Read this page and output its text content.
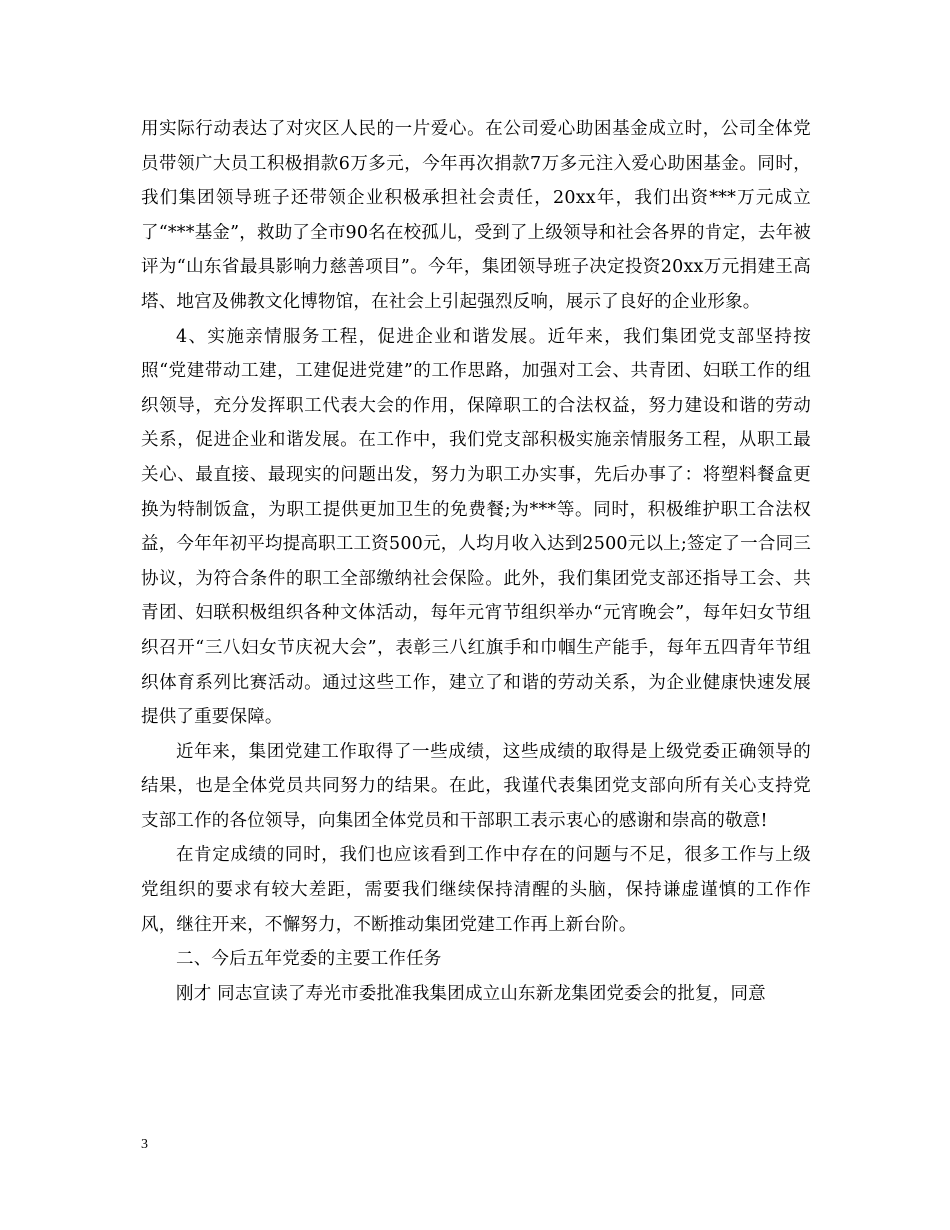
用实际行动表达了对灾区人民的一片爱心。在公司爱心助困基金成立时，公司全体党员带领广大员工积极捐款6万多元，今年再次捐款7万多元注入爱心助困基金。同时，我们集团领导班子还带领企业积极承担社会责任，20xx年，我们出资***万元成立了“***基金”，救助了全市90名在校孤儿，受到了上级领导和社会各界的肯定，去年被评为“山东省最具影响力慈善项目”。今年，集团领导班子决定投资20xx万元捐建王高塔、地宫及佛教文化博物馆，在社会上引起强烈反响，展示了良好的企业形象。

4、实施亲情服务工程，促进企业和谐发展。近年来，我们集团党支部坚持按照“党建带动工建，工建促进党建”的工作思路，加强对工会、共青团、妇联工作的组织领导，充分发挥职工代表大会的作用，保障职工的合法权益，努力建设和谐的劳动关系，促进企业和谐发展。在工作中，我们党支部积极实施亲情服务工程，从职工最关心、最直接、最现实的问题出发，努力为职工办实事，先后办事了：将塑料餐盒更换为特制饭盒，为职工提供更加卫生的免费餐;为***等。同时，积极维护职工合法权益，今年年初平均提高职工工资500元，人均月收入达到2500元以上;签定了一合同三协议，为符合条件的职工全部缴纳社会保险。此外，我们集团党支部还指导工会、共青团、妇联积极组织各种文体活动，每年元宵节组织举办“元宵晚会”，每年妇女节组织召开“三八妇女节庆祝大会”，表彰三八红旗手和巾帼生产能手，每年五四青年节组织体育系列比赛活动。通过这些工作，建立了和谐的劳动关系，为企业健康快速发展提供了重要保障。

近年来，集团党建工作取得了一些成绩，这些成绩的取得是上级党委正确领导的结果，也是全体党员共同努力的结果。在此，我谨代表集团党支部向所有关心支持党支部工作的各位领导，向集团全体党员和干部职工表示衷心的感谢和崇高的敬意!

在肯定成绩的同时，我们也应该看到工作中存在的问题与不足，很多工作与上级党组织的要求有较大差距，需要我们继续保持清醒的头脑，保持谦虚谨慎的工作作风，继往开来，不懈努力，不断推动集团党建工作再上新台阶。

二、今后五年党委的主要工作任务

刚才 同志宣读了寿光市委批准我集团成立山东新龙集团党委会的批复，同意

3
